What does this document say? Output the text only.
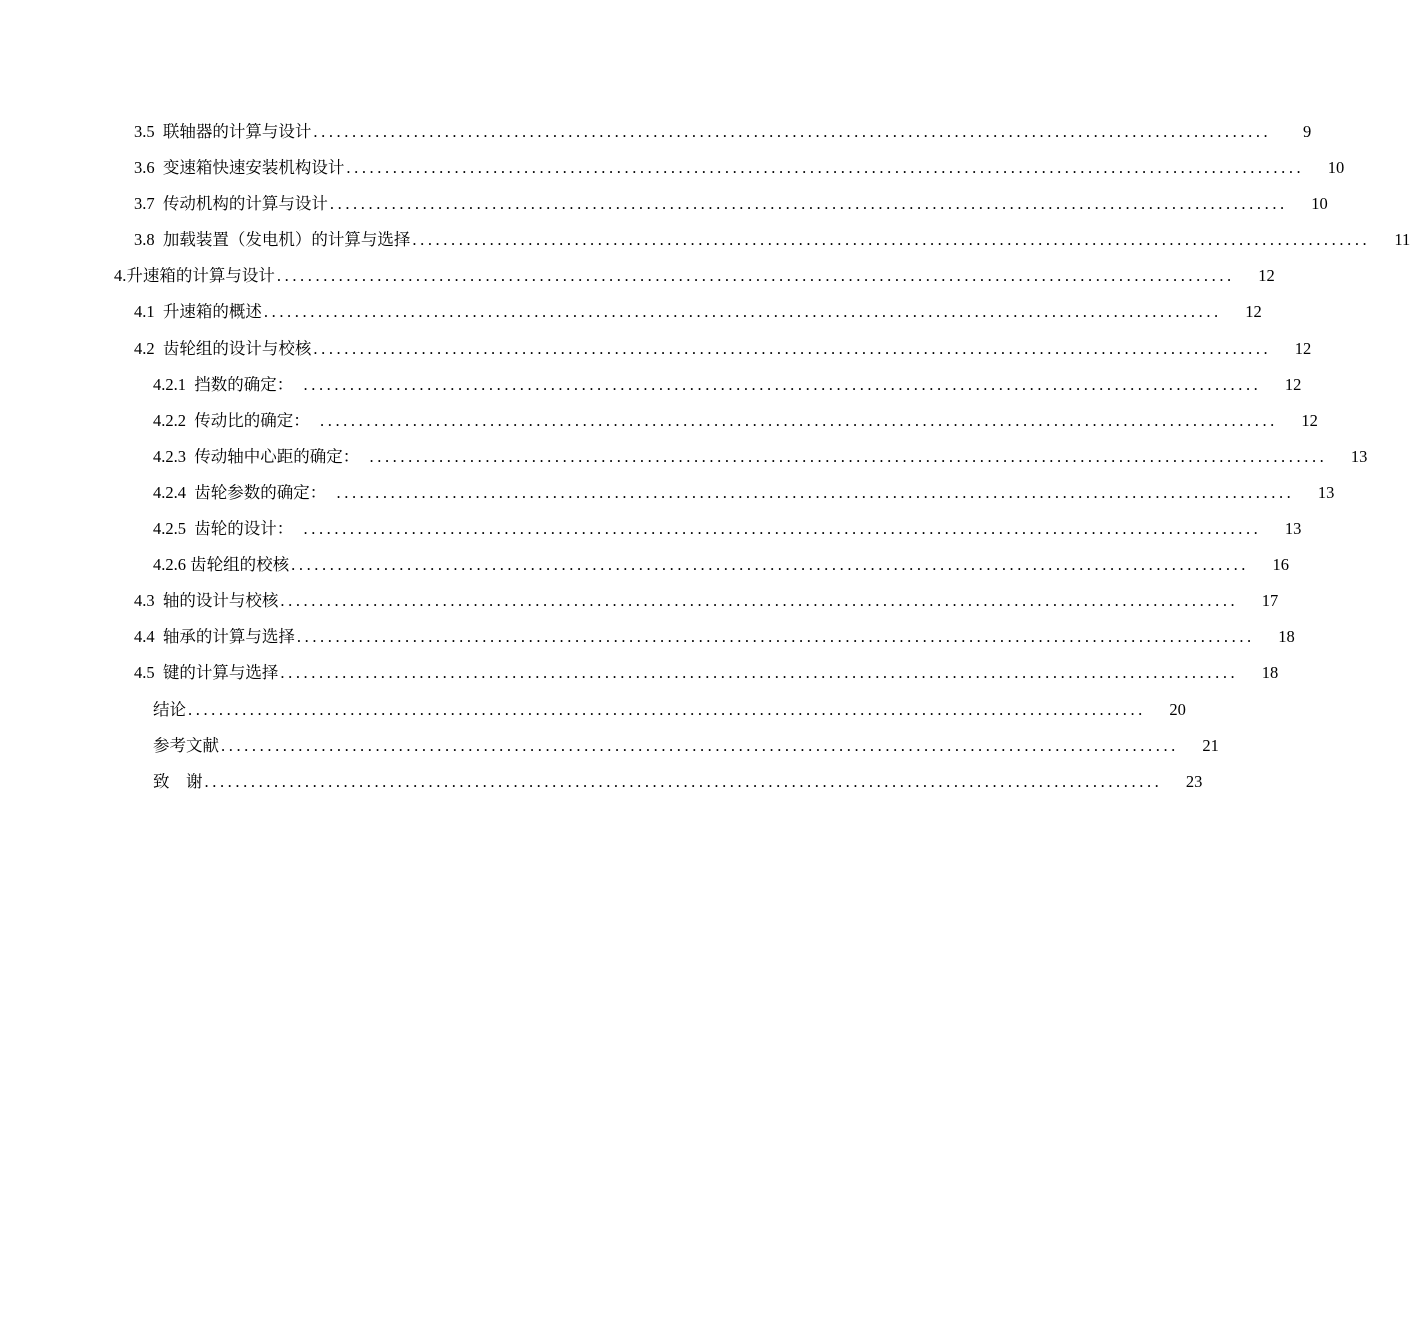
3.5  联轴器的计算与设计 ............................................................................................................................	9
3.6  变速箱快速安装机构设计 ............................................................................................................................	10
3.7  传动机构的计算与设计 ............................................................................................................................	10
3.8  加载装置（发电机）的计算与选择 ............................................................................................................................	11
4.升速箱的计算与设计 ............................................................................................................................	12
4.1  升速箱的概述 ............................................................................................................................	12
4.2  齿轮组的设计与校核 ............................................................................................................................	12
4.2.1  挡数的确定： ............................................................................................................................	12
4.2.2  传动比的确定： ............................................................................................................................	12
4.2.3  传动轴中心距的确定： ............................................................................................................................	13
4.2.4  齿轮参数的确定： ............................................................................................................................	13
4.2.5  齿轮的设计： ............................................................................................................................	13
4.2.6 齿轮组的校核 ............................................................................................................................	16
4.3  轴的设计与校核 ............................................................................................................................	17
4.4  轴承的计算与选择 ............................................................................................................................	18
4.5  键的计算与选择 ............................................................................................................................	18
结论 ............................................................................................................................	20
参考文献 ............................................................................................................................	21
致    谢 ............................................................................................................................	23
